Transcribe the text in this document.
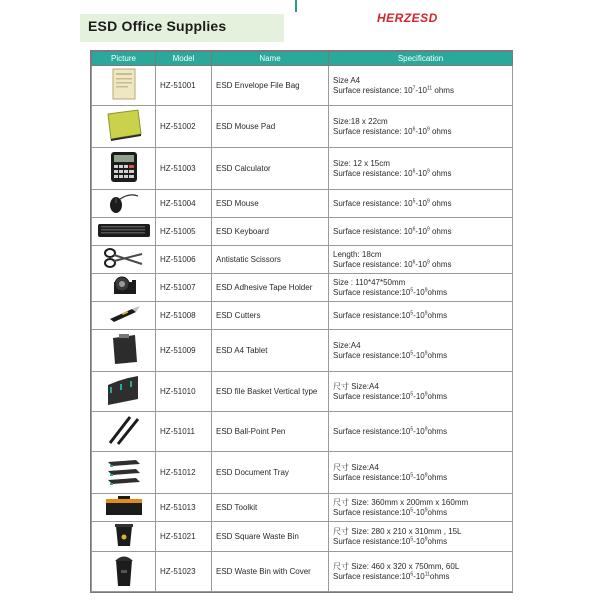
ESD Office Supplies	HERZESD
Picture	Model	Name	Specification

	HZ-51001	ESD Envelope File Bag	Size A4
Surface resistance: $10^7-10^{11}$ ohms

	HZ-51002	ESD Mouse Pad	Size:18 x 22cm
Surface resistance: $10^6-10^9$ ohms

	HZ-51003	ESD Calculator	Size: 12 x 15cm
Surface resistance: $10^6-10^9$ ohms

	HZ-51004	ESD Mouse	Surface resistance: $10^5-10^9$ ohms

	HZ-51005	ESD Keyboard	Surface resistance: $10^6-10^9$ ohms

	HZ-51006	Antistatic Scissors	Length: 18cm
Surface resistance: $10^6-10^9$ ohms

	HZ-51007	ESD Adhesive Tape Holder	Size : 110*47*50mm
Surface $resistance:10^5-10^9ohms$

	HZ-51008	ESD Cutters	Surface $resistance:10^5-10^9ohms$

	HZ-51009	ESD A4 Tablet	Size:A4
Surface $resistance:10^5-10^9ohms$

	HZ-51010	ESD file Basket Vertical type	尺寸 Size:A4
Surface $resistance:10^5-10^9ohms$

	HZ-51011	ESD Ball-Point Pen	Surface $resistance:10^5-10^9ohms$

	HZ-51012	ESD Document Tray	尺寸 Size:A4
Surface $resistance:10^5-10^9ohms$

	HZ-51013	ESD Toolkit	尺寸 Size: 360mm x 200mm x 160mm
Surface $resistance:10^5-10^9ohms$

	HZ-51021	ESD Square Waste Bin	尺寸 Size: 280 x 210 x 310mm , 15L
Surface $resistance:10^5-10^9ohms$

	HZ-51023	ESD Waste Bin with Cover	尺寸 Size: 460 x 320 x 750mm, 60L
Surface $resistance:10^6-10^{11}ohms$
